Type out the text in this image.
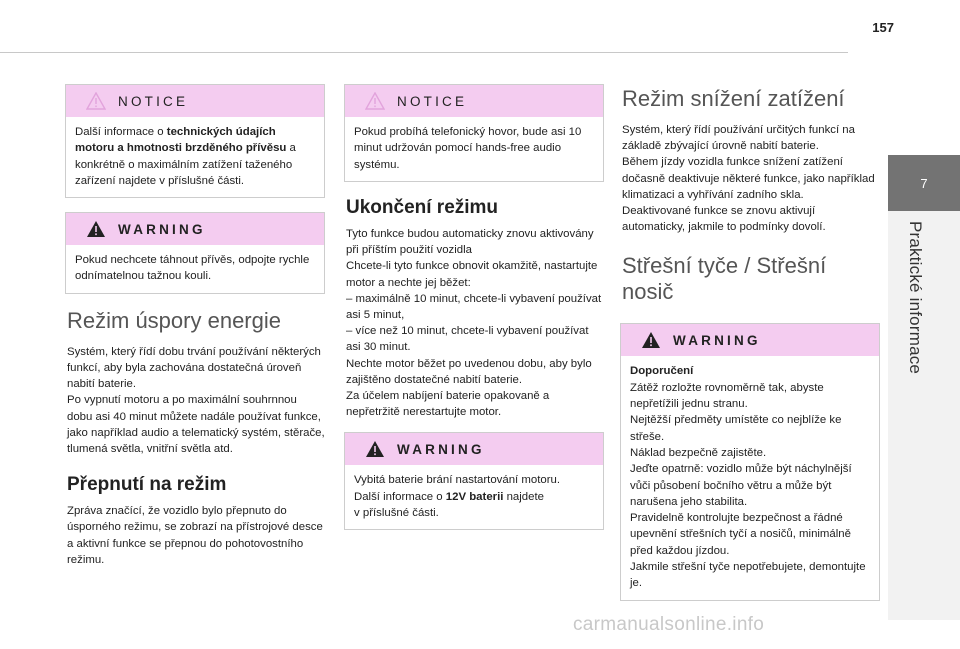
157
7
Praktické informace
NOTICE
Další informace o technických údajích motoru a hmotnosti brzděného přívěsu a konkrétně o maximálním zatížení taženého zařízení najdete v příslušné části.
WARNING
Pokud nechcete táhnout přívěs, odpojte rychle odnímatelnou tažnou kouli.
Režim úspory energie
Systém, který řídí dobu trvání používání některých funkcí, aby byla zachována dostatečná úroveň nabití baterie.
Po vypnutí motoru a po maximální souhrnnou dobu asi 40 minut můžete nadále používat funkce, jako například audio a telematický systém, stěrače, tlumená světla, vnitřní světla atd.
Přepnutí na režim
Zpráva značící, že vozidlo bylo přepnuto do úsporného režimu, se zobrazí na přístrojové desce a aktivní funkce se přepnou do pohotovostního režimu.
NOTICE
Pokud probíhá telefonický hovor, bude asi 10 minut udržován pomocí hands-free audio systému.
Ukončení režimu
Tyto funkce budou automaticky znovu aktivovány při příštím použití vozidla
Chcete-li tyto funkce obnovit okamžitě, nastartujte motor a nechte jej běžet:
– maximálně 10 minut, chcete-li vybavení používat asi 5 minut,
– více než 10 minut, chcete-li vybavení používat asi 30 minut.
Nechte motor běžet po uvedenou dobu, aby bylo zajištěno dostatečné nabití baterie.
Za účelem nabíjení baterie opakovaně a nepřetržitě nerestartujte motor.
WARNING
Vybitá baterie brání nastartování motoru.
Další informace o 12V baterii najdete
v příslušné části.
Režim snížení zatížení
Systém, který řídí používání určitých funkcí na základě zbývající úrovně nabití baterie.
Během jízdy vozidla funkce snížení zatížení dočasně deaktivuje některé funkce, jako například klimatizaci a vyhřívání zadního skla.
Deaktivované funkce se znovu aktivují automaticky, jakmile to podmínky dovolí.
Střešní tyče / Střešní nosič
WARNING
Doporučení
Zátěž rozložte rovnoměrně tak, abyste nepřetížili jednu stranu.
Nejtěžší předměty umístěte co nejblíže ke střeše.
Náklad bezpečně zajistěte.
Jeďte opatrně: vozidlo může být náchylnější vůči působení bočního větru a může být narušena jeho stabilita.
Pravidelně kontrolujte bezpečnost a řádné upevnění střešních tyčí a nosičů, minimálně před každou jízdou.
Jakmile střešní tyče nepotřebujete, demontujte je.
carmanualsonline.info
